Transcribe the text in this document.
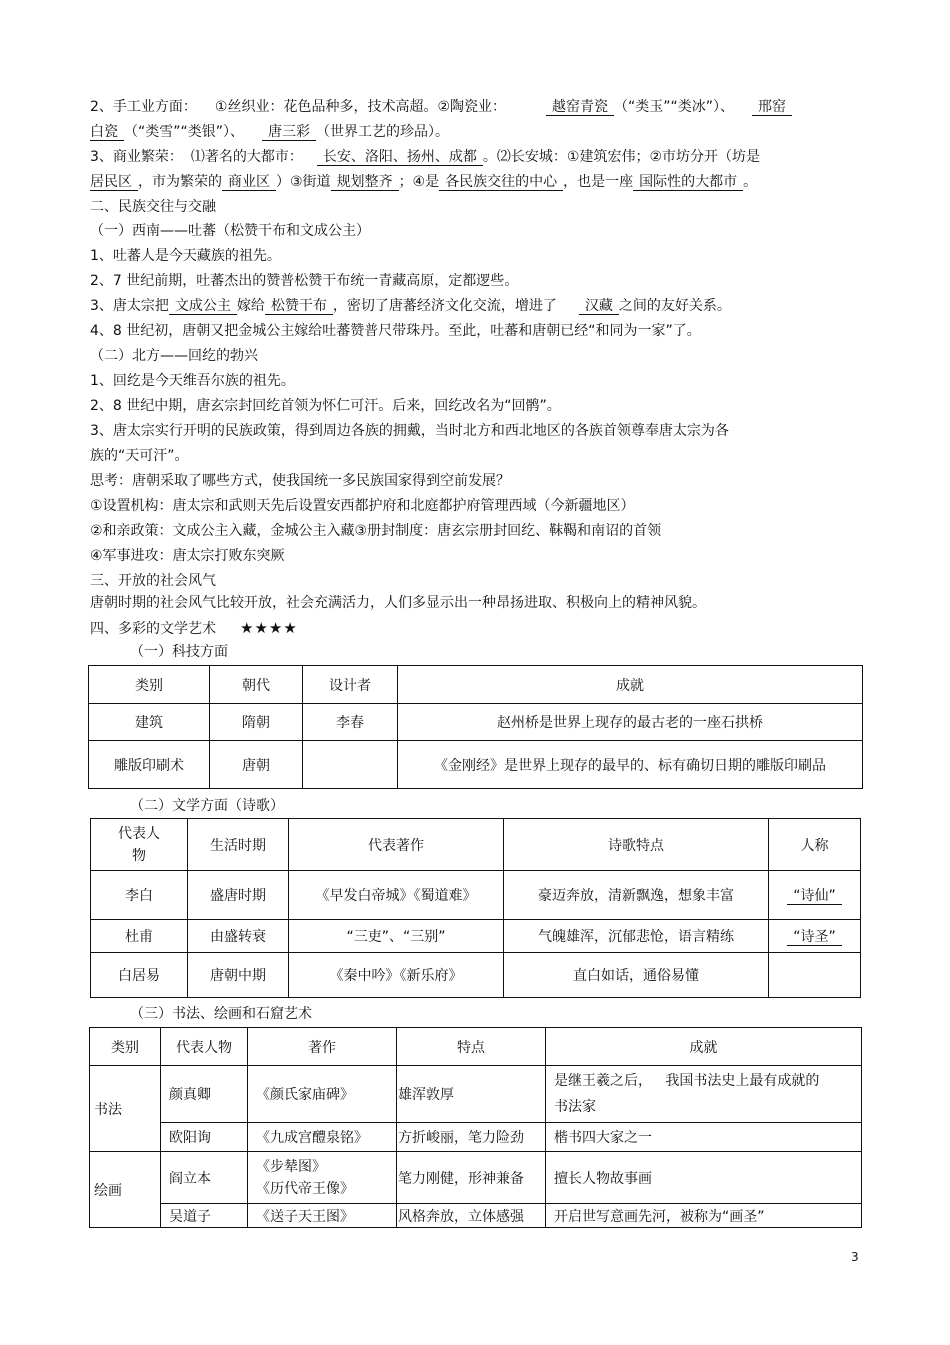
2、手工业方面： ①丝织业：花色品种多，技术高超。②陶瓷业：	越窑青瓷 （“类玉”“类冰”）、 邢窑
白瓷 （“类雪”“类银”）、 唐三彩 （世界工艺的珍品）。
3、商业繁荣： ⑴著名的大都市： 长安、洛阳、扬州、成都 。⑵长安城：①建筑宏伟；②市坊分开（坊是
居民区 ，市为繁荣的 商业区 ）③街道 规划整齐 ；④是 各民族交往的中心 ，也是一座 国际性的大都市 。
二、民族交往与交融
（一）西南——吐蕃（松赞干布和文成公主）
1、吐蕃人是今天藏族的祖先。
2、7 世纪前期，吐蕃杰出的赞普松赞干布统一青藏高原，定都逻些。
3、唐太宗把 文成公主 嫁给 松赞干布 ，密切了唐蕃经济文化交流，增进了 汉藏 之间的友好关系。
4、8 世纪初，唐朝又把金城公主嫁给吐蕃赞普尺带珠丹。至此，吐蕃和唐朝已经“和同为一家”了。
（二）北方——回纥的勃兴
1、回纥是今天维吾尔族的祖先。
2、8 世纪中期，唐玄宗封回纥首领为怀仁可汗。后来，回纥改名为“回鹘”。
3、唐太宗实行开明的民族政策，得到周边各族的拥戴，当时北方和西北地区的各族首领尊奉唐太宗为各
族的“天可汗”。
思考：唐朝采取了哪些方式，使我国统一多民族国家得到空前发展？
①设置机构：唐太宗和武则天先后设置安西都护府和北庭都护府管理西域（今新疆地区）
②和亲政策：文成公主入藏，金城公主入藏③册封制度：唐玄宗册封回纥、靺鞨和南诏的首领
④军事进攻：唐太宗打败东突厥
三、开放的社会风气
唐朝时期的社会风气比较开放，社会充满活力，人们多显示出一种昂扬进取、积极向上的精神风貌。
四、多彩的文学艺术 ★★★★
（一）科技方面
类别	朝代	设计者	成就
建筑	隋朝	李春	赵州桥是世界上现存的最古老的一座石拱桥
雕版印刷术	唐朝		《金刚经》是世界上现存的最早的、标有确切日期的雕版印刷品
（二）文学方面（诗歌）
代表人
物	生活时期	代表著作	诗歌特点	人称
李白	盛唐时期	《早发白帝城》《蜀道难》	豪迈奔放，清新飘逸，想象丰富	“诗仙”
杜甫	由盛转衰	“三吏”、“三别”	气魄雄浑，沉郁悲怆，语言精练	“诗圣”
白居易	唐朝中期	《秦中吟》《新乐府》	直白如话，通俗易懂	
（三）书法、绘画和石窟艺术
类别	代表人物	著作	特点	成就
书法	颜真卿	《颜氏家庙碑》	雄浑敦厚	是继王羲之后，   我国书法史上最有成就的
书法家
	欧阳询	《九成宫醴泉铭》	方折峻丽，笔力险劲	楷书四大家之一
绘画	阎立本	《步辇图》
《历代帝王像》	笔力刚健，形神兼备	擅长人物故事画
	吴道子	《送子天王图》	风格奔放，立体感强	开启世写意画先河，被称为“画圣”
3
